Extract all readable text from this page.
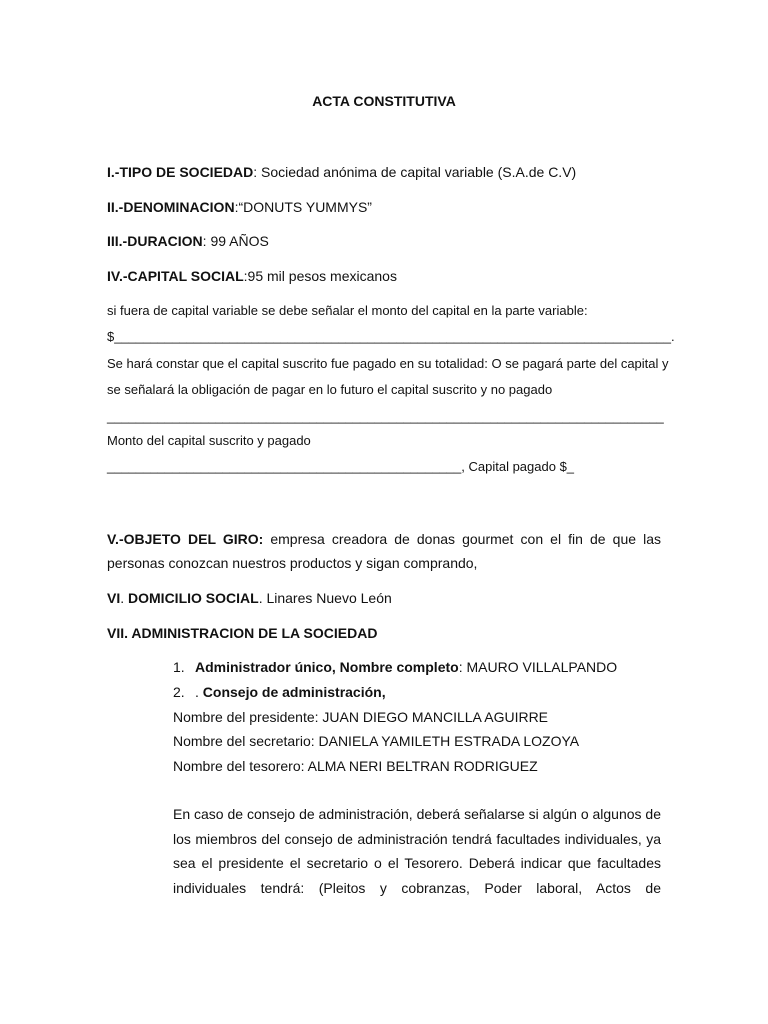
ACTA CONSTITUTIVA
I.-TIPO DE SOCIEDAD: Sociedad anónima de capital variable (S.A.de C.V)
II.-DENOMINACION:“DONUTS YUMMYS”
III.-DURACION: 99 AÑOS
IV.-CAPITAL SOCIAL:95 mil pesos mexicanos
si fuera de capital variable se debe señalar el monto del capital en la parte variable:
$_____________________________________________________________________________.
Se hará constar que el capital suscrito fue pagado en su totalidad: O se pagará parte del capital y
se señalará la obligación de pagar en lo futuro el capital suscrito y no pagado
_____________________________________________________________________________
Monto del capital suscrito y pagado
_________________________________________________, Capital pagado $_
V.-OBJETO DEL GIRO: empresa creadora de donas gourmet con el fin de que las
personas conozcan nuestros productos y sigan comprando,
VI. DOMICILIO SOCIAL. Linares Nuevo León
VII. ADMINISTRACION DE LA SOCIEDAD
1. Administrador único, Nombre completo: MAURO VILLALPANDO
2. . Consejo de administración,
Nombre del presidente: JUAN DIEGO MANCILLA AGUIRRE
Nombre del secretario: DANIELA YAMILETH ESTRADA LOZOYA
Nombre del tesorero: ALMA NERI BELTRAN RODRIGUEZ
En caso de consejo de administración, deberá señalarse si algún o algunos de
los miembros del consejo de administración tendrá facultades individuales, ya
sea el presidente el secretario o el Tesorero. Deberá indicar que facultades
individuales tendrá: (Pleitos y cobranzas, Poder laboral, Actos de
